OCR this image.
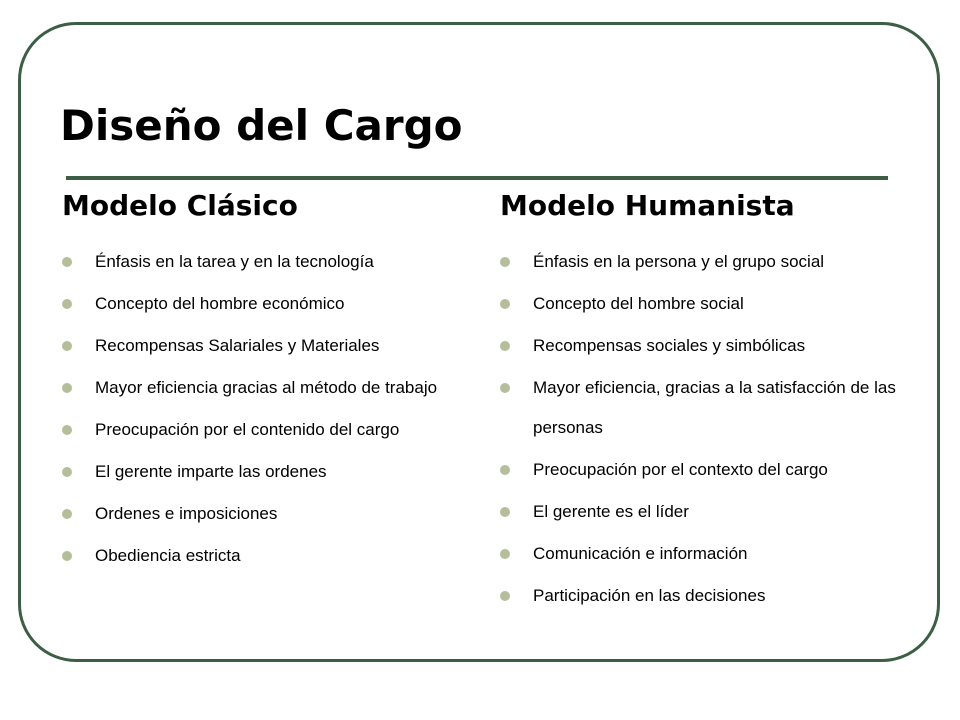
Diseño del Cargo
Modelo Clásico
Énfasis en la tarea y en la tecnología
Concepto del hombre económico
Recompensas Salariales y Materiales
Mayor eficiencia gracias al método de trabajo
Preocupación por el contenido del cargo
El gerente imparte las ordenes
Ordenes e imposiciones
Obediencia estricta
Modelo Humanista
Énfasis en la persona y el grupo social
Concepto del hombre social
Recompensas sociales y simbólicas
Mayor eficiencia, gracias a la satisfacción de las personas
Preocupación por el contexto del cargo
El gerente es el líder
Comunicación e información
Participación en las decisiones
